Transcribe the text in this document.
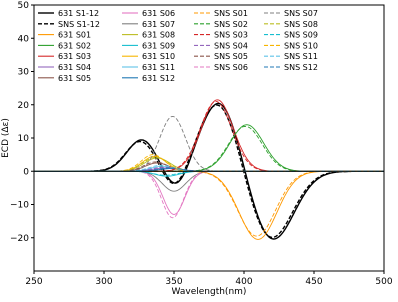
250	300	350	400	450	500
−20
−10
0
10
20
30
40
50
631 S1-12
SNS S1-12
631 S01
631 S02
631 S03
631 S04
631 S05
631 S06
631 S07
631 S08
631 S09
631 S10
631 S11
631 S12
SNS S01
SNS S02
SNS S03
SNS S04
SNS S05
SNS S06
SNS S07
SNS S08
SNS S09
SNS S10
SNS S11
SNS S12
Wavelength(nm)
ECD (Δε)
